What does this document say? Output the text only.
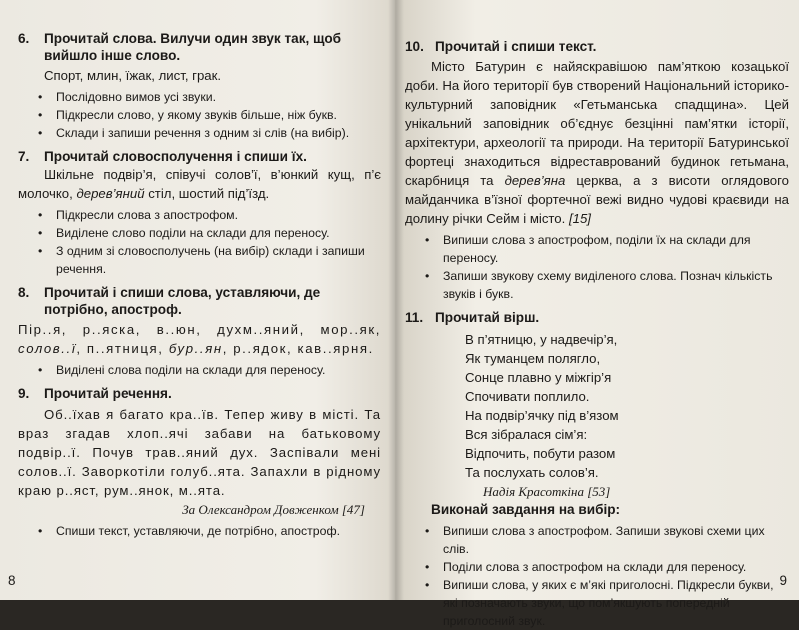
6.	Прочитай слова. Вилучи один звук так, щоб вийшло інше слово.
Спорт, млин, їжак, лист, грак.
• Послідовно вимов усі звуки.
• Підкресли слово, у якому звуків більше, ніж букв.
• Склади і запиши речення з одним зі слів (на вибір).
7.	Прочитай словосполучення і спиши їх.
Шкільне подвір’я, співучі солов’ї, в’юнкий кущ, п’є молочко, дерев’яний стіл, шостий під’їзд.
• Підкресли слова з апострофом.
• Виділене слово поділи на склади для переносу.
• З одним зі словосполучень (на вибір) склади і запиши речення.
8.	Прочитай і спиши слова, уставляючи, де потрібно, апостроф.
Пір..я, р..яска, в..юн, духм..яний, мор..як, солов..ї, п..ятниця, бур..ян, р..ядок, кав..ярня.
• Виділені слова поділи на склади для переносу.
9.	Прочитай речення.
Об..їхав я багато кра..їв. Тепер живу в місті. Та враз згадав хлоп..ячі забави на батьковому подвір..ї. Почув трав..яний дух. Заспівали мені солов..ї. Заворкотіли голуб..ята. Запахли в рідному краю р..яст, рум..янок, м..ята.
За Олександром Довженком [47]
• Спиши текст, уставляючи, де потрібно, апостроф.
8
10. Прочитай і спиши текст.
Місто Батурин є найяскравішою пам’яткою козацької доби. На його території був створений Національний історико-культурний заповідник «Гетьманська спадщина». Цей унікальний заповідник об’єднує безцінні пам’ятки історії, архітектури, археології та природи. На території Батуринської фортеці знаходиться відреставрований будинок гетьмана, скарбниця та дерев’яна церква, а з висоти оглядового майданчика в’їзної фортечної вежі видно чудові краєвиди на долину річки Сейм і місто. [15]
• Випиши слова з апострофом, поділи їх на склади для переносу.
• Запиши звукову схему виділеного слова. Познач кількість звуків і букв.
11. Прочитай вірш.
В п’ятницю, у надвечір’я,
Як туманцем полягло,
Сонце плавно у міжгір’я
Спочивати поплило.
На подвір’ячку під в’язом
Вся зібралася сім’я:
Відпочить, побути разом
Та послухать солов’я.
Надія Красоткіна [53]
Виконай завдання на вибір:
• Випиши слова з апострофом. Запиши звукові схеми цих слів.
• Поділи слова з апострофом на склади для переносу.
• Випиши слова, у яких є м’які приголосні. Підкресли букви, які позначають звуки, що пом’якшують попередній приголосний звук.
9
